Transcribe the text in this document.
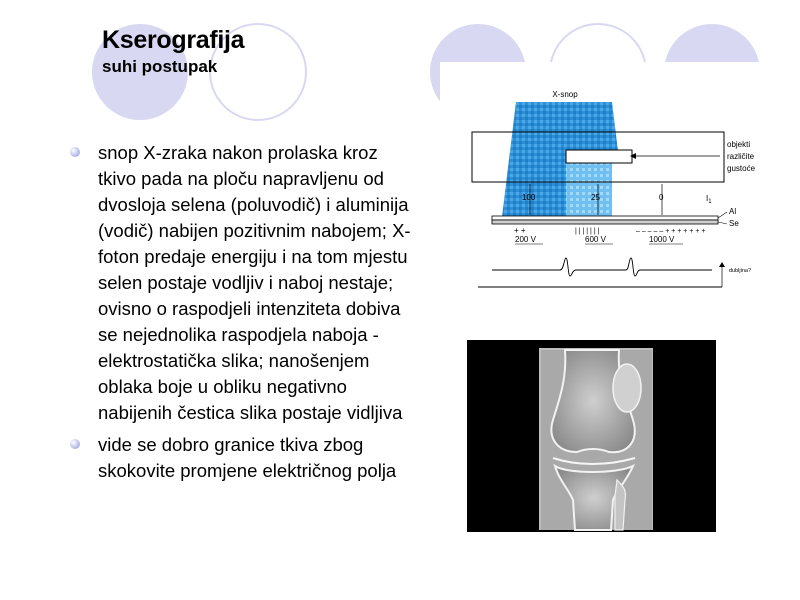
Kserografija
suhi postupak
snop X-zraka nakon prolaska kroz tkivo pada na ploču napravljenu od dvosloja selena (poluvodič) i aluminija (vodič) nabijen pozitivnim nabojem; X-foton predaje energiju i na tom mjestu selen postaje vodljiv i naboj nestaje; ovisno o raspodjeli intenziteta dobiva se nejednolika raspodjela naboja - elektrostatička slika; nanošenjem oblaka boje u obliku negativno nabijenih čestica slika postaje vidljiva
vide se dobro granice tkiva zbog skokovite promjene električnog polja
X-snop
objekti
različite
gustoće
100	25	0	$I_1$
Al
Se
+ +	| | | | | | |	– – – – – + + + + + + +
200 V	600 V	1000 V
dubljina?
